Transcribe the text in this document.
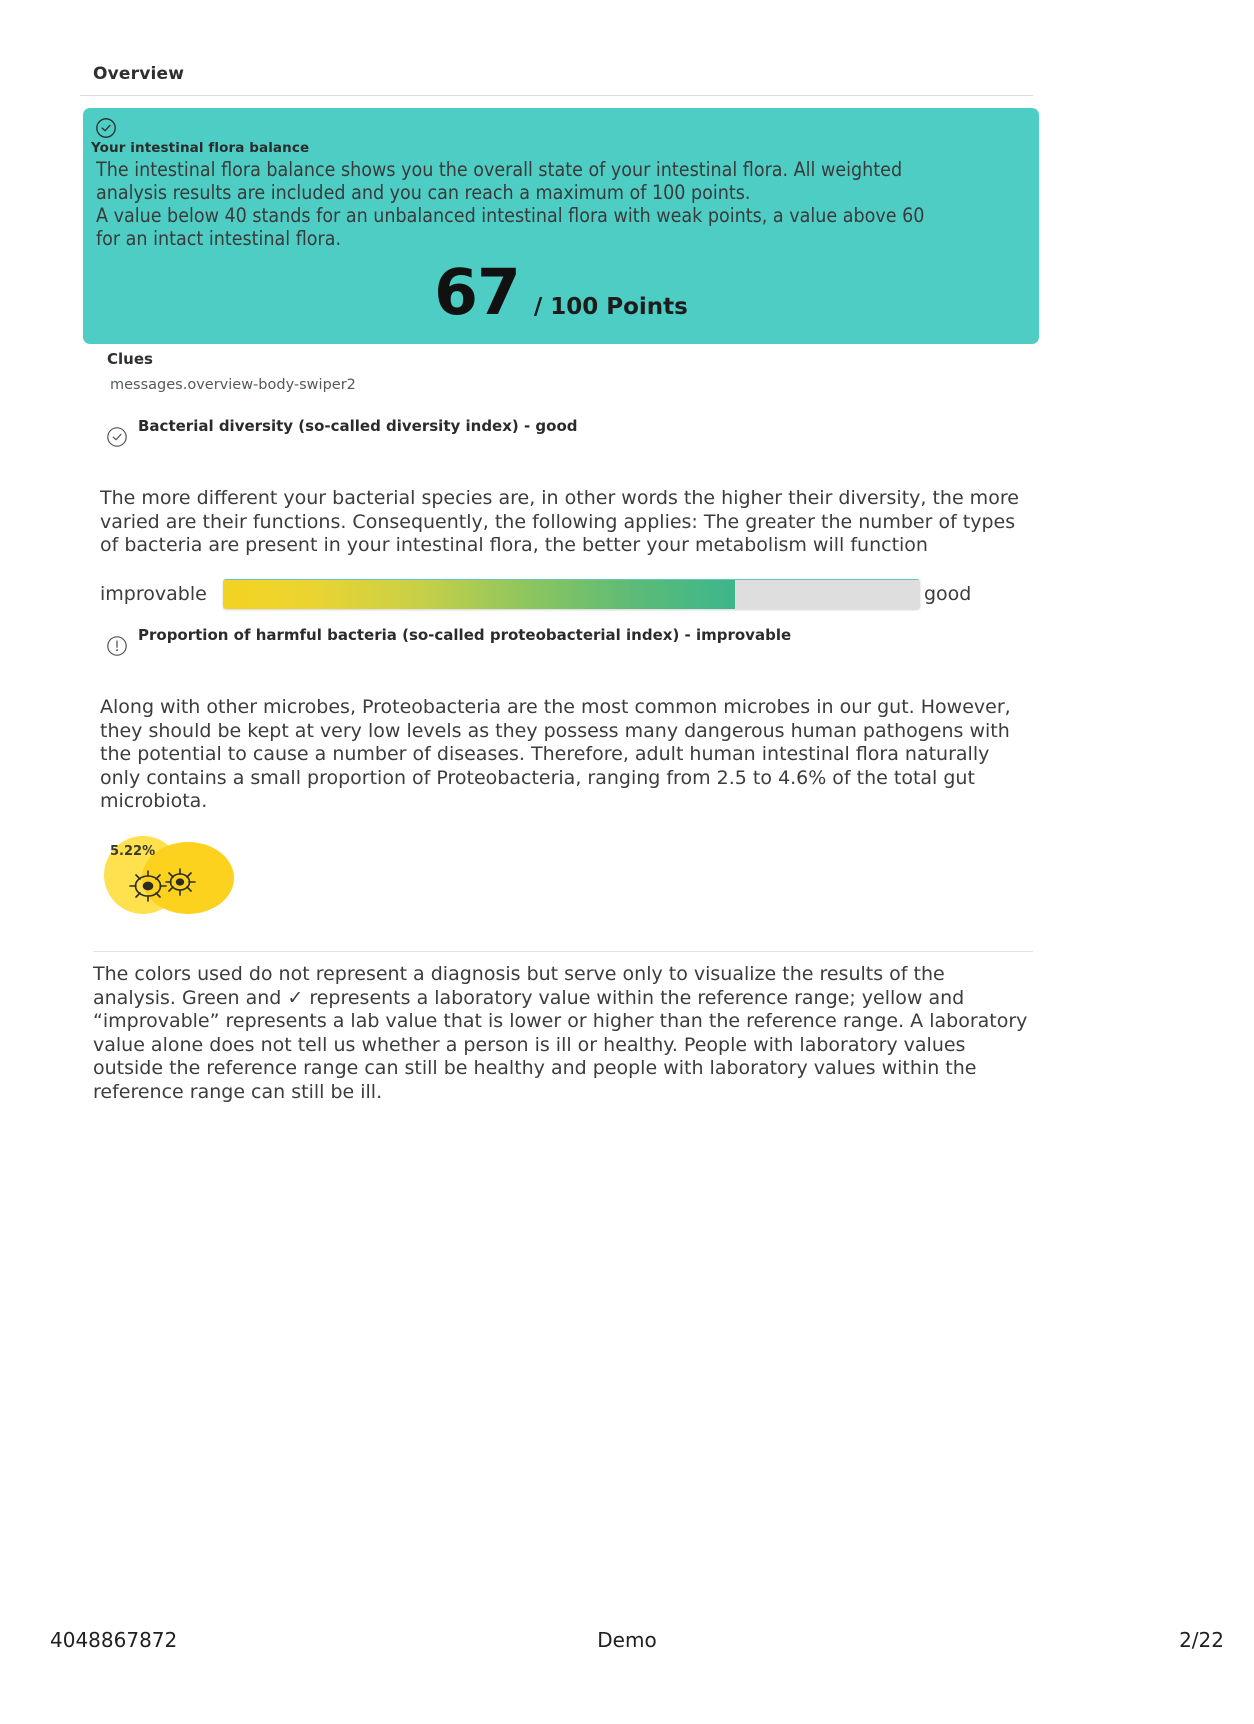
Overview
Your intestinal flora balance

The intestinal flora balance shows you the overall state of your intestinal flora. All weighted

analysis results are included and you can reach a maximum of 100 points.

A value below 40 stands for an unbalanced intestinal flora with weak points, a value above 60

for an intact intestinal flora.

67 / 100 Points
Clues
messages.overview-body-swiper2
Bacterial diversity (so-called diversity index) - good
The more different your bacterial species are, in other words the higher their diversity, the more varied are their functions. Consequently, the following applies: The greater the number of types of bacteria are present in your intestinal flora, the better your metabolism will function
improvable	good
Proportion of harmful bacteria (so-called proteobacterial index) - improvable
Along with other microbes, Proteobacteria are the most common microbes in our gut. However, they should be kept at very low levels as they possess many dangerous human pathogens with the potential to cause a number of diseases. Therefore, adult human intestinal flora naturally only contains a small proportion of Proteobacteria, ranging from 2.5 to 4.6% of the total gut microbiota.
5.22%
The colors used do not represent a diagnosis but serve only to visualize the results of the analysis. Green and ✓ represents a laboratory value within the reference range; yellow and “improvable” represents a lab value that is lower or higher than the reference range. A laboratory value alone does not tell us whether a person is ill or healthy. People with laboratory values outside the reference range can still be healthy and people with laboratory values within the reference range can still be ill.
4048867872	Demo	2/22
